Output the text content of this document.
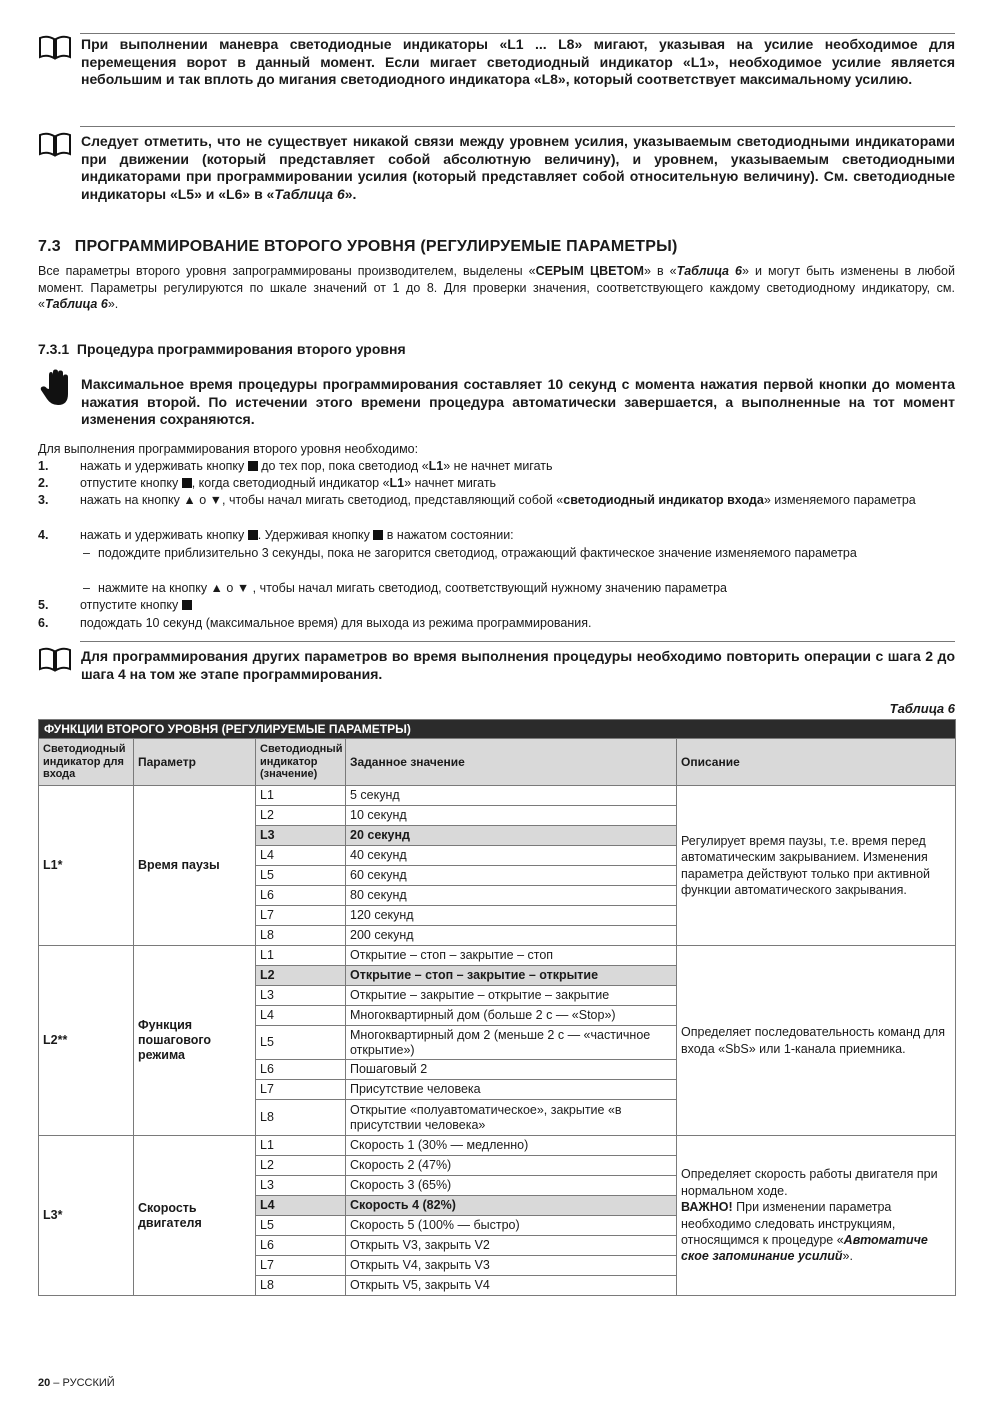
При выполнении маневра светодиодные индикаторы «L1 ... L8» мигают, указывая на усилие необходимое для перемещения ворот в данный момент. Если мигает светодиодный индикатор «L1», необходимое усилие является небольшим и так вплоть до мигания светодиодного индикатора «L8», который соответствует максимальному усилию.
Следует отметить, что не существует никакой связи между уровнем усилия, указываемым светодиодными индикаторами при движении (который представляет собой абсолютную величину), и уровнем, указываемым светодиодными индикаторами при программировании усилия (который представляет собой относительную величину). См. светодиодные индикаторы «L5» и «L6» в «Таблица 6».
7.3 ПРОГРАММИРОВАНИЕ ВТОРОГО УРОВНЯ (РЕГУЛИРУЕМЫЕ ПАРАМЕТРЫ)
Все параметры второго уровня запрограммированы производителем, выделены «СЕРЫМ ЦВЕТОМ» в «Таблица 6» и могут быть изменены в любой момент. Параметры регулируются по шкале значений от 1 до 8. Для проверки значения, соответствующего каждому светодиодному индикатору, см. «Таблица 6».
7.3.1 Процедура программирования второго уровня
Максимальное время процедуры программирования составляет 10 секунд с момента нажатия первой кнопки до момента нажатия второй. По истечении этого времени процедура автоматически завершается, а выполненные на тот момент изменения сохраняются.
Для выполнения программирования второго уровня необходимо:
1.	нажать и удерживать кнопку  до тех пор, пока светодиод «L1» не начнет мигать
2.	отпустите кнопку , когда светодиодный индикатор «L1» начнет мигать
3.	нажать на кнопку ▲ о ▼, чтобы начал мигать светодиод, представляющий собой «светодиодный индикатор входа» изменяемого параметра
4.	нажать и удерживать кнопку . Удерживая кнопку  в нажатом состоянии:
– подождите приблизительно 3 секунды, пока не загорится светодиод, отражающий фактическое значение изменяемого параметра
– нажмите на кнопку ▲ о ▼ , чтобы начал мигать светодиод, соответствующий нужному значению параметра
5.	отпустите кнопку
6.	подождать 10 секунд (максимальное время) для выхода из режима программирования.
Для программирования других параметров во время выполнения процедуры необходимо повторить операции с шага 2 до шага 4 на том же этапе программирования.
Таблица 6
ФУНКЦИИ ВТОРОГО УРОВНЯ (РЕГУЛИРУЕМЫЕ ПАРАМЕТРЫ)				
Светодиодный индикатор для входа	Параметр	Светодиодный индикатор (значение)	Заданное значение	Описание
L1*	Время паузы	L1	5 секунд	Регулирует время паузы, т.е. время перед автоматическим закрыванием. Изменения параметра действуют только при активной функции автоматического закрывания.
		L2	10 секунд	
		L3	20 секунд	
		L4	40 секунд	
		L5	60 секунд	
		L6	80 секунд	
		L7	120 секунд	
		L8	200 секунд	
L2**	Функция пошагового режима	L1	Открытие – стоп – закрытие – стоп	Определяет последовательность команд для входа «SbS» или 1-канала приемника.
		L2	Открытие – стоп – закрытие – открытие	
		L3	Открытие – закрытие – открытие – закрытие	
		L4	Многоквартирный дом (больше 2 с — «Stop»)	
		L5	Многоквартирный дом 2 (меньше 2 с — «частичное открытие»)	
		L6	Пошаговый 2	
		L7	Присутствие человека	
		L8	Открытие «полуавтоматическое», закрытие «в присутствии человека»	
L3*	Скорость двигателя	L1	Скорость 1 (30% — медленно)	Определяет скорость работы двигателя при нормальном ходе.
ВАЖНО! При изменении параметра необходимо следовать инструкциям, относящимся к процедуре «Автоматиче ское запоминание усилий».
		L2	Скорость 2 (47%)	
		L3	Скорость 3 (65%)	
		L4	Скорость 4 (82%)	
		L5	Скорость 5 (100% — быстро)	
		L6	Открыть V3, закрыть V2	
		L7	Открыть V4, закрыть V3	
		L8	Открыть V5, закрыть V4	
20 – РУССКИЙ
